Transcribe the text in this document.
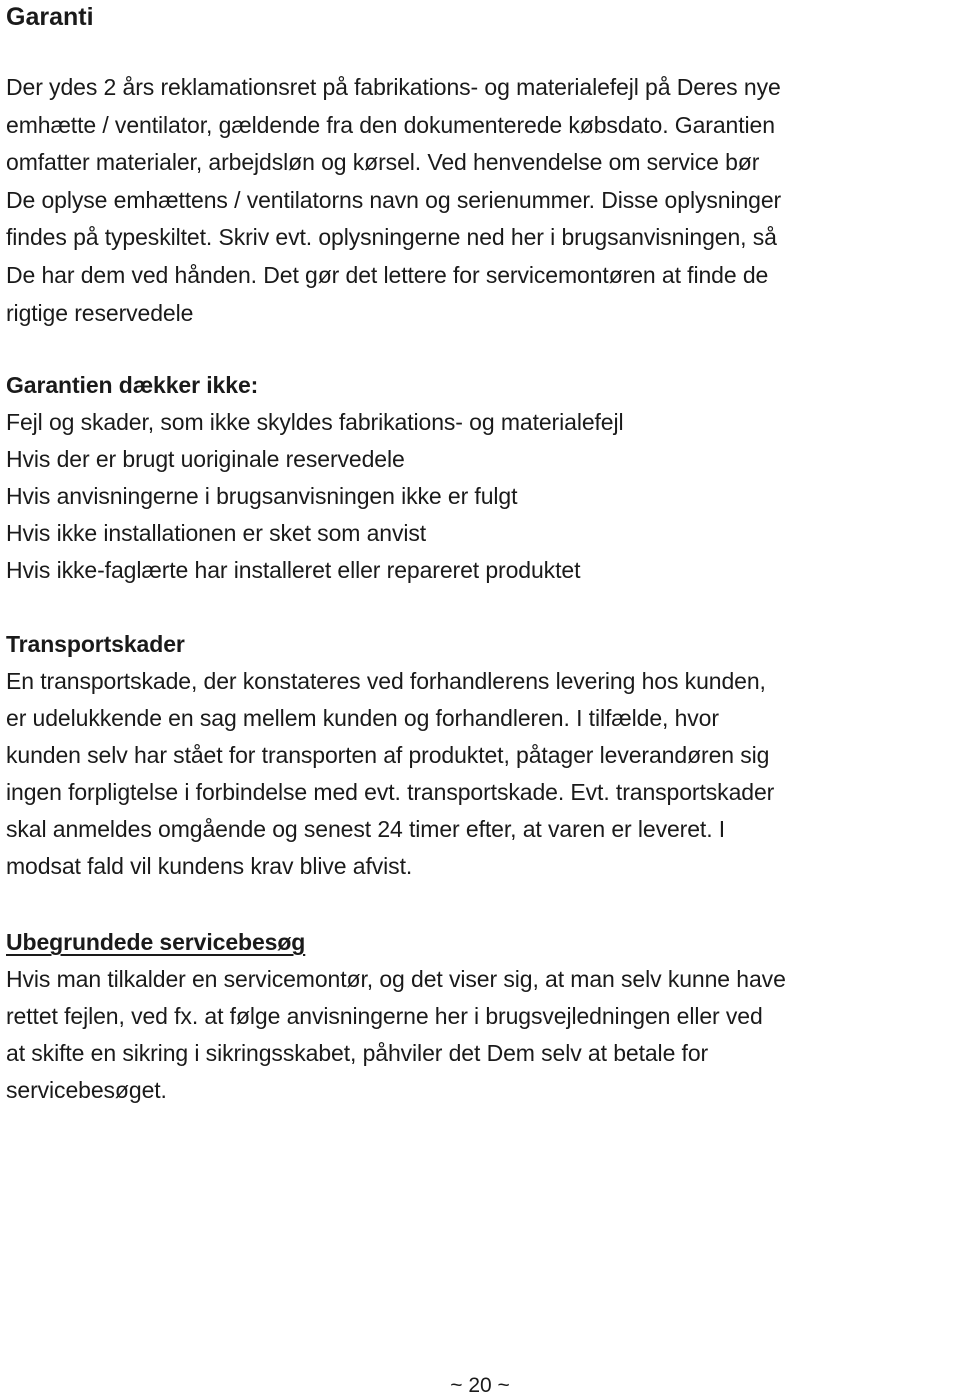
Garanti

Der ydes 2 års reklamationsret på fabrikations- og materialefejl på Deres nye
emhætte / ventilator, gældende fra den dokumenterede købsdato. Garantien
omfatter materialer, arbejdsløn og kørsel. Ved henvendelse om service bør
De oplyse emhættens / ventilatorns navn og serienummer. Disse oplysninger
findes på typeskiltet. Skriv evt. oplysningerne ned her i brugsanvisningen, så
De har dem ved hånden. Det gør det lettere for servicemontøren at finde de
rigtige reservedele

Garantien dækker ikke:
Fejl og skader, som ikke skyldes fabrikations- og materialefejl
Hvis der er brugt uoriginale reservedele
Hvis anvisningerne i brugsanvisningen ikke er fulgt
Hvis ikke installationen er sket som anvist
Hvis ikke-faglærte har installeret eller repareret produktet
Transportskader
En transportskade, der konstateres ved forhandlerens levering hos kunden,
er udelukkende en sag mellem kunden og forhandleren. I tilfælde, hvor
kunden selv har stået for transporten af produktet, påtager leverandøren sig
ingen forpligtelse i forbindelse med evt. transportskade. Evt. transportskader
skal anmeldes omgående og senest 24 timer efter, at varen er leveret. I
modsat fald vil kundens krav blive afvist.
Ubegrundede servicebesøg
Hvis man tilkalder en servicemontør, og det viser sig, at man selv kunne have
rettet fejlen, ved fx. at følge anvisningerne her i brugsvejledningen eller ved
at skifte en sikring i sikringsskabet, påhviler det Dem selv at betale for
servicebesøget.
~ 20 ~
